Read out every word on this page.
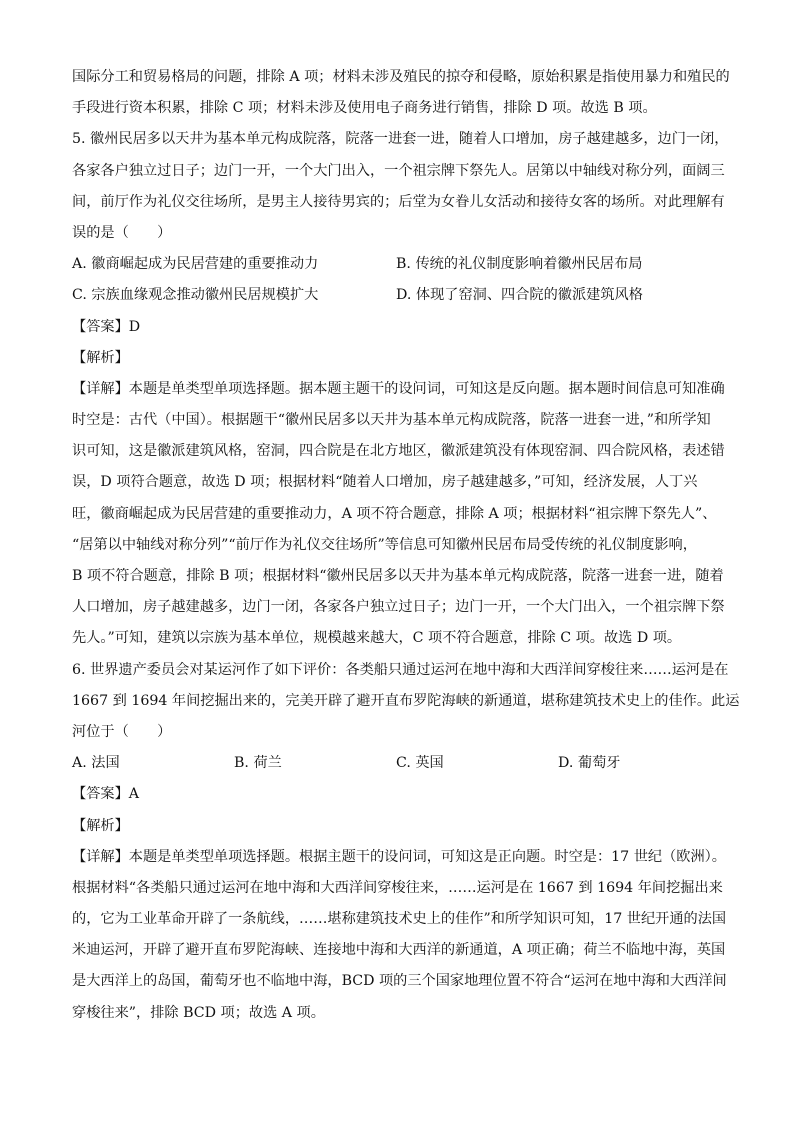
国际分工和贸易格局的问题，排除 A 项；材料未涉及殖民的掠夺和侵略，原始积累是指使用暴力和殖民的
手段进行资本积累，排除 C 项；材料未涉及使用电子商务进行销售，排除 D 项。故选 B 项。
5. 徽州民居多以天井为基本单元构成院落，院落一进套一进，随着人口增加，房子越建越多，边门一闭，
各家各户独立过日子；边门一开，一个大门出入，一个祖宗牌下祭先人。居第以中轴线对称分列，面阔三
间，前厅作为礼仪交往场所，是男主人接待男宾的；后堂为女眷儿女活动和接待女客的场所。对此理解有
误的是（　　）
A. 徽商崛起成为民居营建的重要推动力	B. 传统的礼仪制度影响着徽州民居布局
C. 宗族血缘观念推动徽州民居规模扩大	D. 体现了窑洞、四合院的徽派建筑风格
【答案】D
【解析】
【详解】本题是单类型单项选择题。据本题主题干的设问词，可知这是反向题。据本题时间信息可知准确
时空是：古代（中国）。根据题干“徽州民居多以天井为基本单元构成院落，院落一进套一进，”和所学知
识可知，这是徽派建筑风格，窑洞，四合院是在北方地区，徽派建筑没有体现窑洞、四合院风格，表述错
误，D 项符合题意，故选 D 项；根据材料“随着人口增加，房子越建越多，”可知，经济发展，人丁兴
旺，徽商崛起成为民居营建的重要推动力，A 项不符合题意，排除 A 项；根据材料“祖宗牌下祭先人”、
“居第以中轴线对称分列”“前厅作为礼仪交往场所”等信息可知徽州民居布局受传统的礼仪制度影响，
B 项不符合题意，排除 B 项；根据材料“徽州民居多以天井为基本单元构成院落，院落一进套一进，随着
人口增加，房子越建越多，边门一闭，各家各户独立过日子；边门一开，一个大门出入，一个祖宗牌下祭
先人。”可知，建筑以宗族为基本单位，规模越来越大，C 项不符合题意，排除 C 项。故选 D 项。
6. 世界遗产委员会对某运河作了如下评价：各类船只通过运河在地中海和大西洋间穿梭往来……运河是在
1667 到 1694 年间挖掘出来的，完美开辟了避开直布罗陀海峡的新通道，堪称建筑技术史上的佳作。此运
河位于（　　）
A. 法国	B. 荷兰	C. 英国	D. 葡萄牙
【答案】A
【解析】
【详解】本题是单类型单项选择题。根据主题干的设问词，可知这是正向题。时空是：17 世纪（欧洲）。
根据材料“各类船只通过运河在地中海和大西洋间穿梭往来，……运河是在 1667 到 1694 年间挖掘出来
的，它为工业革命开辟了一条航线，……堪称建筑技术史上的佳作”和所学知识可知，17 世纪开通的法国
米迪运河，开辟了避开直布罗陀海峡、连接地中海和大西洋的新通道，A 项正确；荷兰不临地中海，英国
是大西洋上的岛国，葡萄牙也不临地中海，BCD 项的三个国家地理位置不符合“运河在地中海和大西洋间
穿梭往来”，排除 BCD 项；故选 A 项。
